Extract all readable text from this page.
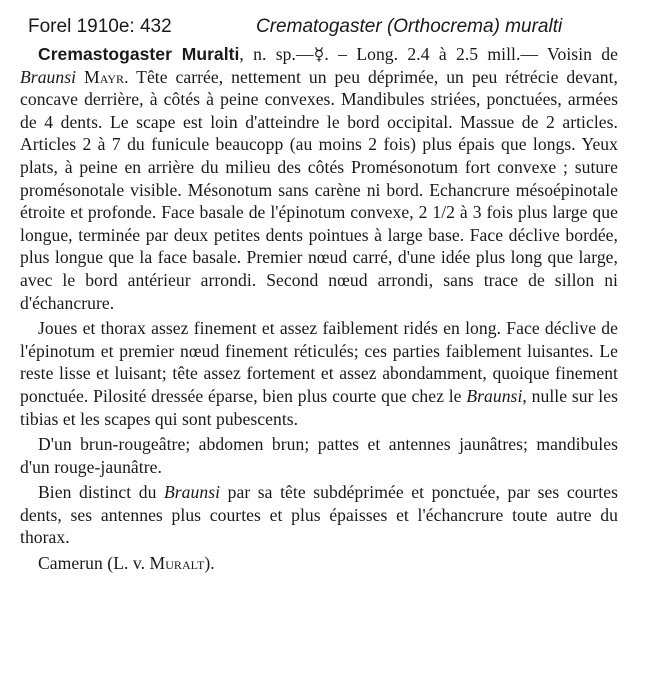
Forel 1910e: 432	Crematogaster (Orthocrema) muralti

Cremastogaster Muralti, n. sp.—☿. – Long. 2.4 à 2.5 mill.— Voisin de Braunsi Mayr. Tête carrée, nettement un peu déprimée, un peu rétrécie devant, concave derrière, à côtés à peine convexes. Mandibules striées, ponctuées, armées de 4 dents. Le scape est loin d'atteindre le bord occipital. Massue de 2 articles. Articles 2 à 7 du funicule beaucopp (au moins 2 fois) plus épais que longs. Yeux plats, à peine en arrière du milieu des côtés Promésonotum fort convexe ; suture promésonotale visible. Mésonotum sans carène ni bord. Echancrure mésoépinotale étroite et profonde. Face basale de l'épinotum convexe, 2 1/2 à 3 fois plus large que longue, terminée par deux petites dents pointues à large base. Face déclive bordée, plus longue que la face basale. Premier nœud carré, d'une idée plus long que large, avec le bord antérieur arrondi. Second nœud arrondi, sans trace de sillon ni d'échancrure.

Joues et thorax assez finement et assez faiblement ridés en long. Face déclive de l'épinotum et premier nœud finement réticulés; ces parties faiblement luisantes. Le reste lisse et luisant; tête assez fortement et assez abondamment, quoique finement ponctuée. Pilosité dressée éparse, bien plus courte que chez le Braunsi, nulle sur les tibias et les scapes qui sont pubescents.

D'un brun-rougeâtre; abdomen brun; pattes et antennes jaunâtres; mandibules d'un rouge-jaunâtre.

Bien distinct du Braunsi par sa tête subdéprimée et ponctuée, par ses courtes dents, ses antennes plus courtes et plus épaisses et l'échancrure toute autre du thorax.

Camerun (L. v. Muralt).
